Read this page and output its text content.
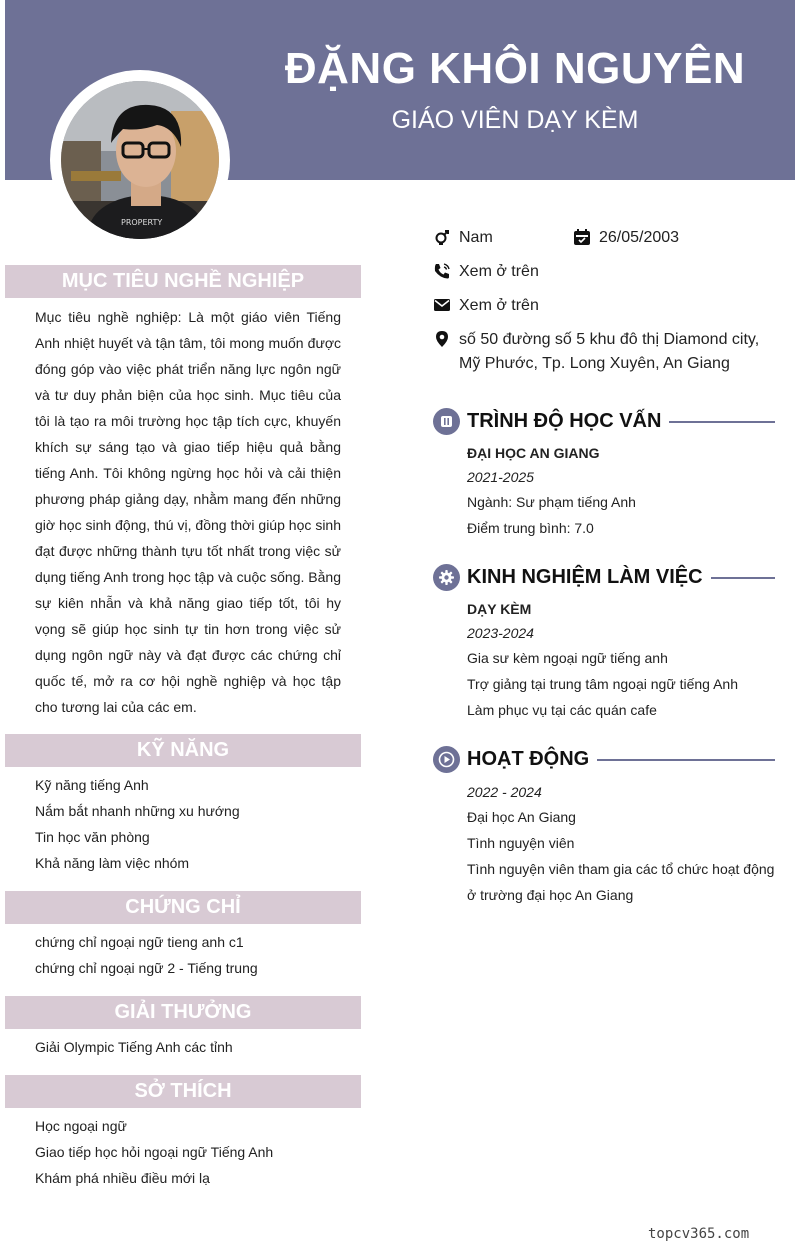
ĐẶNG KHÔI NGUYÊN
GIÁO VIÊN DẠY KÈM
PROPERTY
Nam	26/05/2003
Xem ở trên
Xem ở trên
số 50 đường số 5 khu đô thị Diamond city, Mỹ Phước, Tp. Long Xuyên, An Giang
MỤC TIÊU NGHỀ NGHIỆP
Mục tiêu nghề nghiệp: Là một giáo viên Tiếng Anh nhiệt huyết và tận tâm, tôi mong muốn được đóng góp vào việc phát triển năng lực ngôn ngữ và tư duy phản biện của học sinh. Mục tiêu của tôi là tạo ra môi trường học tập tích cực, khuyến khích sự sáng tạo và giao tiếp hiệu quả bằng tiếng Anh. Tôi không ngừng học hỏi và cải thiện phương pháp giảng dạy, nhằm mang đến những giờ học sinh động, thú vị, đồng thời giúp học sinh đạt được những thành tựu tốt nhất trong việc sử dụng tiếng Anh trong học tập và cuộc sống. Bằng sự kiên nhẫn và khả năng giao tiếp tốt, tôi hy vọng sẽ giúp học sinh tự tin hơn trong việc sử dụng ngôn ngữ này và đạt được các chứng chỉ quốc tế, mở ra cơ hội nghề nghiệp và học tập cho tương lai của các em.
KỸ NĂNG
Kỹ năng tiếng Anh
Nắm bắt nhanh những xu hướng
Tin học văn phòng
Khả năng làm việc nhóm
CHỨNG CHỈ
chứng chỉ ngoại ngữ tieng anh c1
chứng chỉ ngoại ngữ 2 - Tiếng trung
GIẢI THƯỞNG
Giải Olympic Tiếng Anh các tỉnh
SỞ THÍCH
Học ngoại ngữ
Giao tiếp học hỏi ngoại ngữ Tiếng Anh
Khám phá nhiều điều mới lạ
TRÌNH ĐỘ HỌC VẤN
ĐẠI HỌC AN GIANG
2021-2025
Ngành: Sư phạm tiếng Anh
Điểm trung bình: 7.0
KINH NGHIỆM LÀM VIỆC
DẠY KÈM
2023-2024
Gia sư kèm ngoại ngữ tiếng anh
Trợ giảng tại trung tâm ngoại ngữ tiếng Anh
Làm phục vụ tại các quán cafe
HOẠT ĐỘNG
2022 - 2024
Đại học An Giang
Tình nguyện viên
Tình nguyện viên tham gia các tổ chức hoạt động
ở trường đại học An Giang
topcv365.com
